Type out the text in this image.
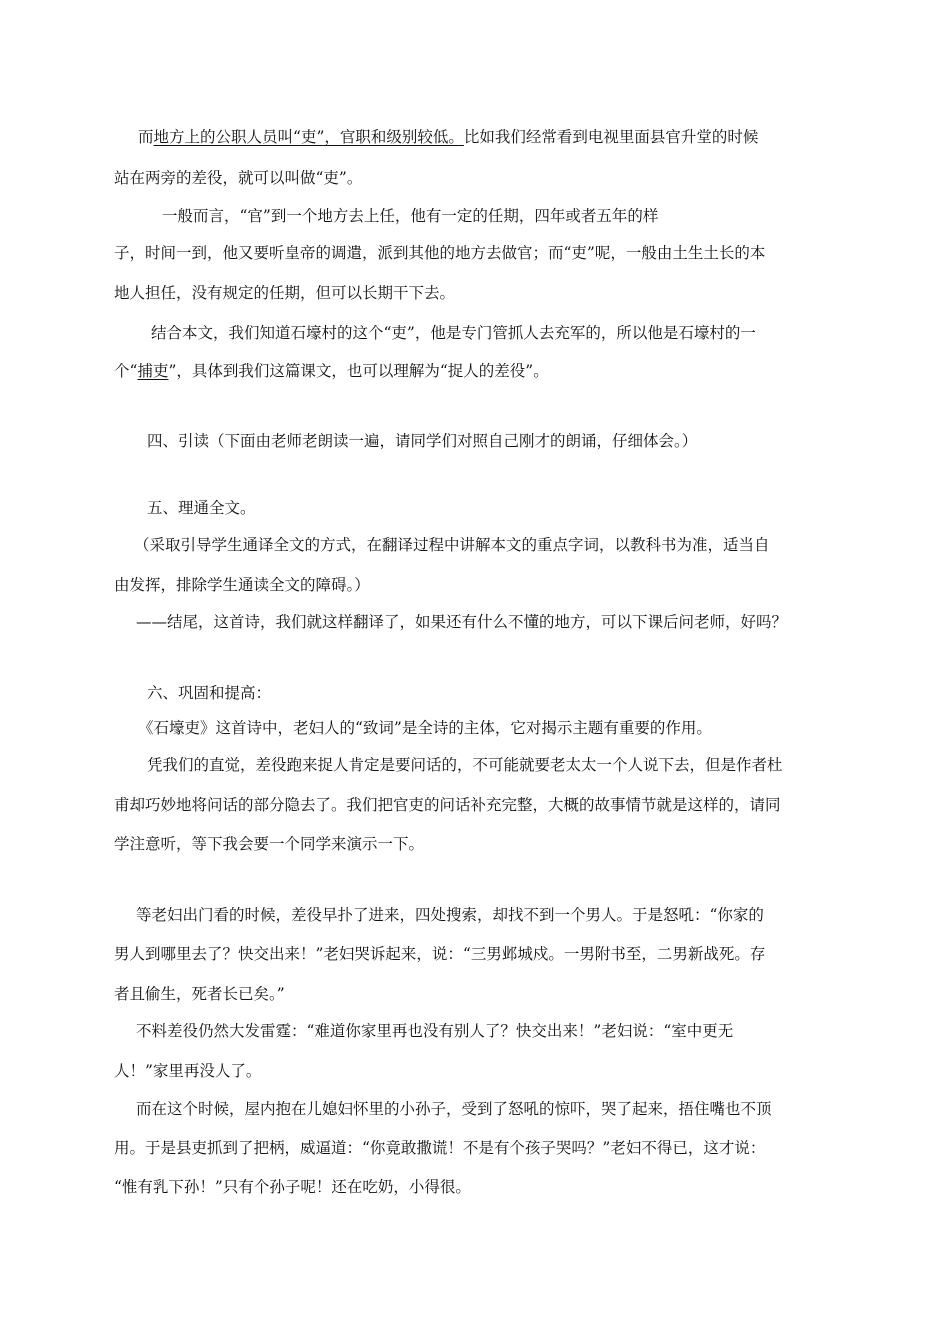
而地方上的公职人员叫“吏”，官职和级别较低。比如我们经常看到电视里面县官升堂的时候
站在两旁的差役，就可以叫做“吏”。
一般而言，“官”到一个地方去上任，他有一定的任期，四年或者五年的样
子，时间一到，他又要听皇帝的调遣，派到其他的地方去做官；而“吏”呢，一般由土生土长的本
地人担任，没有规定的任期，但可以长期干下去。
结合本文，我们知道石壕村的这个“吏”，他是专门管抓人去充军的，所以他是石壕村的一
个“捕吏”，具体到我们这篇课文，也可以理解为“捉人的差役”。
四、引读（下面由老师老朗读一遍，请同学们对照自己刚才的朗诵，仔细体会。）
五、理通全文。
（采取引导学生通译全文的方式，在翻译过程中讲解本文的重点字词，以教科书为准，适当自
由发挥，排除学生通读全文的障碍。）
——结尾，这首诗，我们就这样翻译了，如果还有什么不懂的地方，可以下课后问老师，好吗？
六、巩固和提高：
《石壕吏》这首诗中，老妇人的“致词”是全诗的主体，它对揭示主题有重要的作用。
凭我们的直觉，差役跑来捉人肯定是要问话的，不可能就要老太太一个人说下去，但是作者杜
甫却巧妙地将问话的部分隐去了。我们把官吏的问话补充完整，大概的故事情节就是这样的，请同
学注意听，等下我会要一个同学来演示一下。
等老妇出门看的时候，差役早扑了进来，四处搜索，却找不到一个男人。于是怒吼：“你家的
男人到哪里去了？快交出来！”老妇哭诉起来，说：“三男邺城戍。一男附书至，二男新战死。存
者且偷生，死者长已矣。”
不料差役仍然大发雷霆：“难道你家里再也没有别人了？快交出来！”老妇说：“室中更无
人！”家里再没人了。
而在这个时候，屋内抱在儿媳妇怀里的小孙子，受到了怒吼的惊吓，哭了起来，捂住嘴也不顶
用。于是县吏抓到了把柄，威逼道：“你竟敢撒谎！不是有个孩子哭吗？”老妇不得已，这才说：
“惟有乳下孙！”只有个孙子呢！还在吃奶，小得很。
